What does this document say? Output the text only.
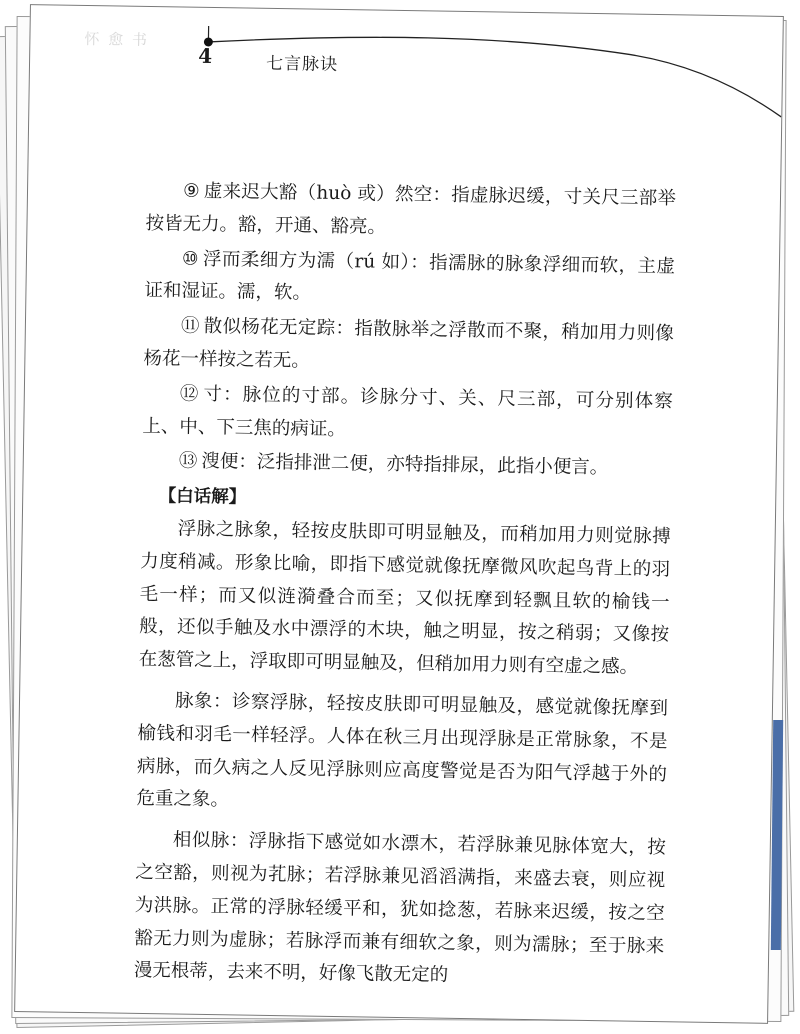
怀 愈 书
4	七言脉诀

⑨ 虚来迟大豁（huò 或）然空：指虚脉迟缓，寸关尺三部举按皆无力。豁，开通、豁亮。

⑩ 浮而柔细方为濡（rú 如）：指濡脉的脉象浮细而软，主虚证和湿证。濡，软。

⑪ 散似杨花无定踪：指散脉举之浮散而不聚，稍加用力则像杨花一样按之若无。

⑫ 寸：脉位的寸部。诊脉分寸、关、尺三部，可分别体察上、中、下三焦的病证。

⑬ 溲便：泛指排泄二便，亦特指排尿，此指小便言。

【白话解】

浮脉之脉象，轻按皮肤即可明显触及，而稍加用力则觉脉搏力度稍减。形象比喻，即指下感觉就像抚摩微风吹起鸟背上的羽毛一样；而又似涟漪叠合而至；又似抚摩到轻飘且软的榆钱一般，还似手触及水中漂浮的木块，触之明显，按之稍弱；又像按在葱管之上，浮取即可明显触及，但稍加用力则有空虚之感。

脉象：诊察浮脉，轻按皮肤即可明显触及，感觉就像抚摩到榆钱和羽毛一样轻浮。人体在秋三月出现浮脉是正常脉象，不是病脉，而久病之人反见浮脉则应高度警觉是否为阳气浮越于外的危重之象。

相似脉：浮脉指下感觉如水漂木，若浮脉兼见脉体宽大，按之空豁，则视为芤脉；若浮脉兼见滔滔满指，来盛去衰，则应视为洪脉。正常的浮脉轻缓平和，犹如捻葱，若脉来迟缓，按之空豁无力则为虚脉；若脉浮而兼有细软之象，则为濡脉；至于脉来漫无根蒂，去来不明，好像飞散无定的
